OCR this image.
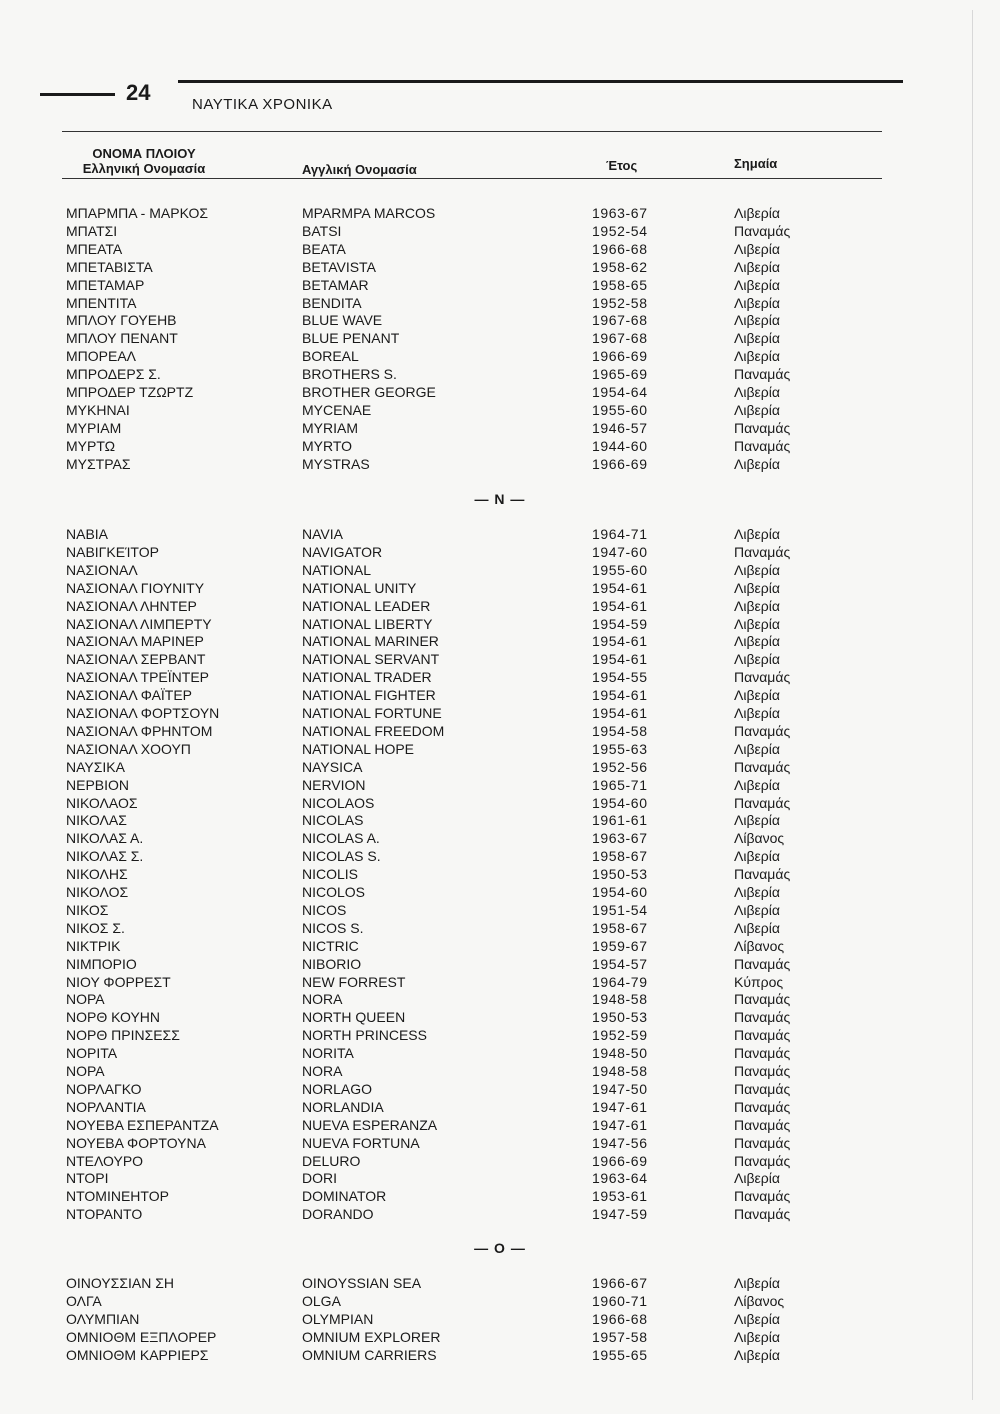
24	ΝΑΥΤΙΚΑ ΧΡΟΝΙΚΑ
ΟΝΟΜΑ ΠΛΟΙΟΥ
Ελληνική Ονομασία	Αγγλική Ονομασία	Έτος	Σημαία
ΜΠΑΡΜΠΑ - ΜΑΡΚΟΣ	MPARMPA MARCOS	1963-67	Λιβερία
ΜΠΑΤΣΙ	BATSI	1952-54	Παναμάς
ΜΠΕΑΤΑ	BEATA	1966-68	Λιβερία
ΜΠΕΤΑΒΙΣΤΑ	BETAVISTA	1958-62	Λιβερία
ΜΠΕΤΑΜΑΡ	BETAMAR	1958-65	Λιβερία
ΜΠΕΝΤΙΤΑ	BENDITA	1952-58	Λιβερία
ΜΠΛΟΥ ΓΟΥΕΗΒ	BLUE WAVE	1967-68	Λιβερία
ΜΠΛΟΥ ΠΕΝΑΝΤ	BLUE PENANT	1967-68	Λιβερία
ΜΠΟΡΕΑΛ	BOREAL	1966-69	Λιβερία
ΜΠΡΟΔΕΡΣ Σ.	BROTHERS S.	1965-69	Παναμάς
ΜΠΡΟΔΕΡ ΤΖΩΡΤΖ	BROTHER GEORGE	1954-64	Λιβερία
ΜΥΚΗΝΑΙ	MYCENAE	1955-60	Λιβερία
ΜΥΡΙΑΜ	MYRIAM	1946-57	Παναμάς
ΜΥΡΤΩ	MYRTO	1944-60	Παναμάς
ΜΥΣΤΡΑΣ	MYSTRAS	1966-69	Λιβερία
— N —
ΝΑΒΙΑ	NAVIA	1964-71	Λιβερία
ΝΑΒΙΓΚΕΊΤΟΡ	NAVIGATOR	1947-60	Παναμάς
ΝΑΣΙΟΝΑΛ	NATIONAL	1955-60	Λιβερία
ΝΑΣΙΟΝΑΛ ΓΙΟΥΝΙΤΥ	NATIONAL UNITY	1954-61	Λιβερία
ΝΑΣΙΟΝΑΛ ΛΗΝΤΕΡ	NATIONAL LEADER	1954-61	Λιβερία
ΝΑΣΙΟΝΑΛ ΛΙΜΠΕΡΤΥ	NATIONAL LIBERTY	1954-59	Λιβερία
ΝΑΣΙΟΝΑΛ ΜΑΡΙΝΕΡ	NATIONAL MARINER	1954-61	Λιβερία
ΝΑΣΙΟΝΑΛ ΣΕΡΒΑΝΤ	NATIONAL SERVANT	1954-61	Λιβερία
ΝΑΣΙΟΝΑΛ ΤΡΕΪΝΤΕΡ	NATIONAL TRADER	1954-55	Παναμάς
ΝΑΣΙΟΝΑΛ ΦΑΪΤΕΡ	NATIONAL FIGHTER	1954-61	Λιβερία
ΝΑΣΙΟΝΑΛ ΦΟΡΤΣΟΥΝ	NATIONAL FORTUNE	1954-61	Λιβερία
ΝΑΣΙΟΝΑΛ ΦΡΗΝΤΟΜ	NATIONAL FREEDOM	1954-58	Παναμάς
ΝΑΣΙΟΝΑΛ ΧΟΟΥΠ	NATIONAL HOPE	1955-63	Λιβερία
ΝΑΥΣΙΚΑ	NAYSICA	1952-56	Παναμάς
ΝΕΡΒΙΟΝ	NERVION	1965-71	Λιβερία
ΝΙΚΟΛΑΟΣ	NICOLAOS	1954-60	Παναμάς
ΝΙΚΟΛΑΣ	NICOLAS	1961-61	Λιβερία
ΝΙΚΟΛΑΣ Α.	NICOLAS A.	1963-67	Λίβανος
ΝΙΚΟΛΑΣ Σ.	NICOLAS S.	1958-67	Λιβερία
ΝΙΚΟΛΗΣ	NICOLIS	1950-53	Παναμάς
ΝΙΚΟΛΟΣ	NICOLOS	1954-60	Λιβερία
ΝΙΚΟΣ	NICOS	1951-54	Λιβερία
ΝΙΚΟΣ Σ.	NICOS S.	1958-67	Λιβερία
ΝΙΚΤΡΙΚ	NICTRIC	1959-67	Λίβανος
ΝΙΜΠΟΡΙΟ	NIBORIO	1954-57	Παναμάς
ΝΙΟΥ ΦΟΡΡΕΣΤ	NEW FORREST	1964-79	Κύπρος
ΝΟΡΑ	NORA	1948-58	Παναμάς
ΝΟΡΘ ΚΟΥΗΝ	NORTH QUEEN	1950-53	Παναμάς
ΝΟΡΘ ΠΡΙΝΣΕΣΣ	NORTH PRINCESS	1952-59	Παναμάς
ΝΟΡΙΤΑ	NORITA	1948-50	Παναμάς
ΝΟΡΑ	NORA	1948-58	Παναμάς
ΝΟΡΛΑΓΚΟ	NORLAGO	1947-50	Παναμάς
ΝΟΡΛΑΝΤΙΑ	NORLANDIA	1947-61	Παναμάς
ΝΟΥΕΒΑ ΕΣΠΕΡΑΝΤΖΑ	NUEVA ESPERANZA	1947-61	Παναμάς
ΝΟΥΕΒΑ ΦΟΡΤΟΥΝΑ	NUEVA FORTUNA	1947-56	Παναμάς
ΝΤΕΛΟΥΡΟ	DELURO	1966-69	Παναμάς
ΝΤΟΡΙ	DORI	1963-64	Λιβερία
ΝΤΟΜΙΝΕΗΤΟΡ	DOMINATOR	1953-61	Παναμάς
ΝΤΟΡΑΝΤΟ	DORANDO	1947-59	Παναμάς
— O —
ΟΙΝΟΥΣΣΙΑΝ ΣΗ	OINOYSSIAN SEA	1966-67	Λιβερία
ΟΛΓΑ	OLGA	1960-71	Λίβανος
ΟΛΥΜΠΙΑΝ	OLYMPIAN	1966-68	Λιβερία
ΟΜΝΙΟΘΜ ΕΞΠΛΟΡΕΡ	OMNIUM EXPLORER	1957-58	Λιβερία
ΟΜΝΙΟΘΜ ΚΑΡΡΙΕΡΣ	OMNIUM CARRIERS	1955-65	Λιβερία
